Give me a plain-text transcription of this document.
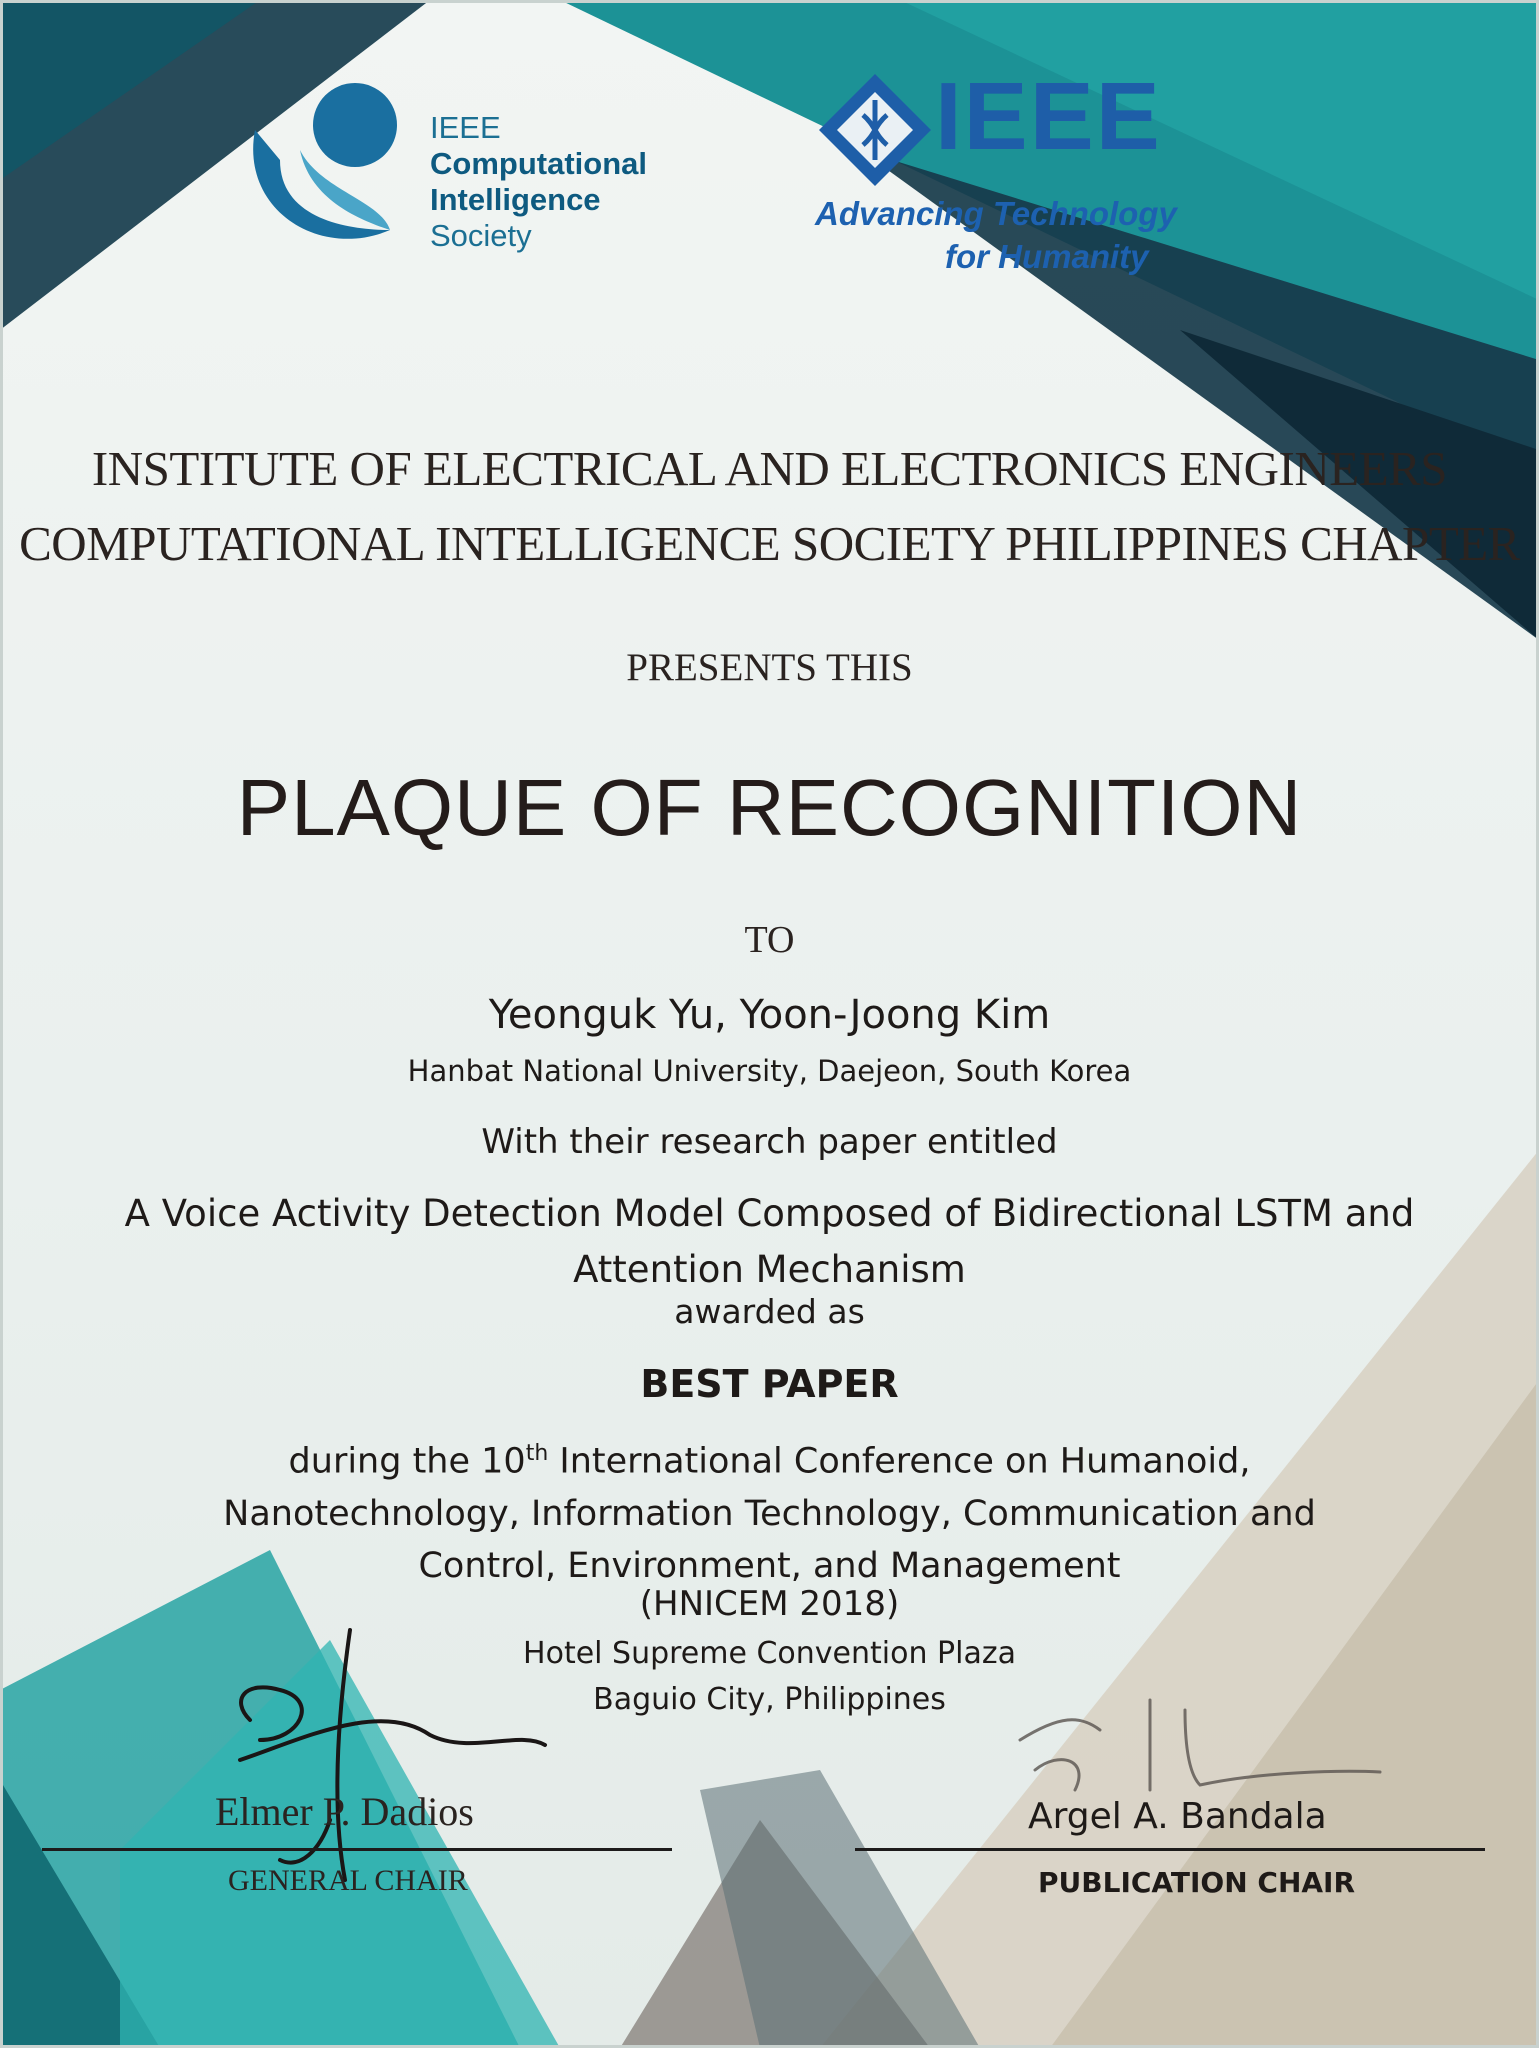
IEEE
Computational
Intelligence
Society
IEEE
Advancing Technology
for Humanity
INSTITUTE OF ELECTRICAL AND ELECTRONICS ENGINEERS
COMPUTATIONAL INTELLIGENCE SOCIETY PHILIPPINES CHAPTER
PRESENTS THIS
PLAQUE OF RECOGNITION
TO
Yeonguk Yu, Yoon-Joong Kim
Hanbat National University, Daejeon, South Korea
With their research paper entitled
A Voice Activity Detection Model Composed of Bidirectional LSTM and
Attention Mechanism
awarded as
BEST PAPER
during the 10th International Conference on Humanoid,
Nanotechnology, Information Technology, Communication and
Control, Environment, and Management
(HNICEM 2018)
Hotel Supreme Convention Plaza
Baguio City, Philippines
Elmer P. Dadios
GENERAL CHAIR
Argel A. Bandala
PUBLICATION CHAIR
